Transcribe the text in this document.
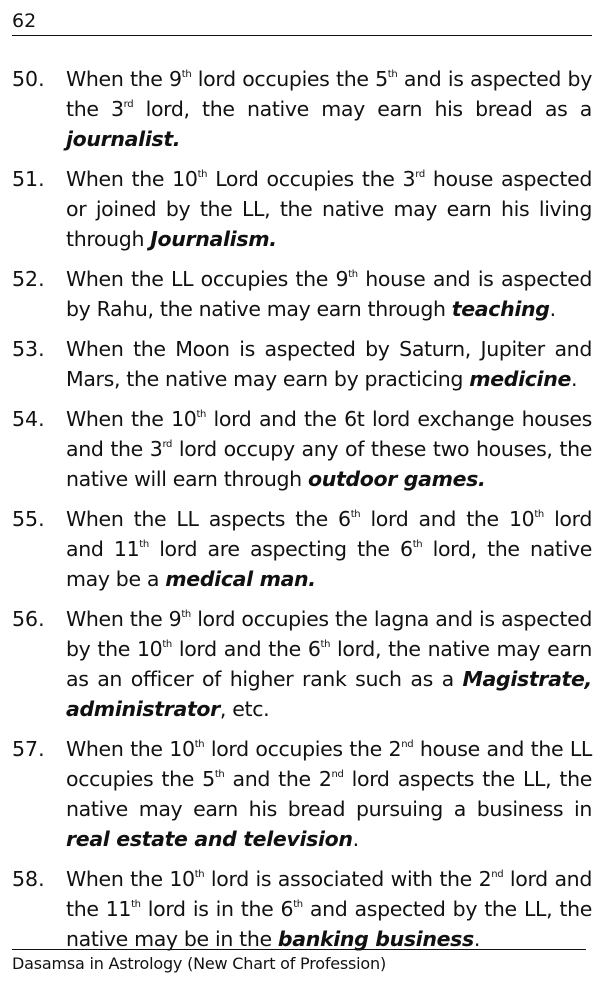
62
50.	When the 9th lord occupies the 5th and is aspected by the 3rd lord, the native may earn his bread as a journalist.
51.	When the 10th Lord occupies the 3rd house aspected or joined by the LL, the native may earn his living through Journalism.
52.	When the LL occupies the 9th house and is aspected by Rahu, the native may earn through teaching.
53.	When the Moon is aspected by Saturn, Jupiter and Mars, the native may earn by practicing medicine.
54.	When the 10th lord and the 6t lord exchange houses and the 3rd lord occupy any of these two houses, the native will earn through outdoor games.
55.	When the LL aspects the 6th lord and the 10th lord and 11th lord are aspecting the 6th lord, the native may be a medical man.
56.	When the 9th lord occupies the lagna and is aspected by the 10th lord and the 6th lord, the native may earn as an officer of higher rank such as a Magistrate, administrator, etc.
57.	When the 10th lord occupies the 2nd house and the LL occupies the 5th and the 2nd lord aspects the LL, the native may earn his bread pursuing a business in real estate and television.
58.	When the 10th lord is associated with the 2nd lord and the 11th lord is in the 6th and aspected by the LL, the native may be in the banking business.
Dasamsa in Astrology (New Chart of Profession)
